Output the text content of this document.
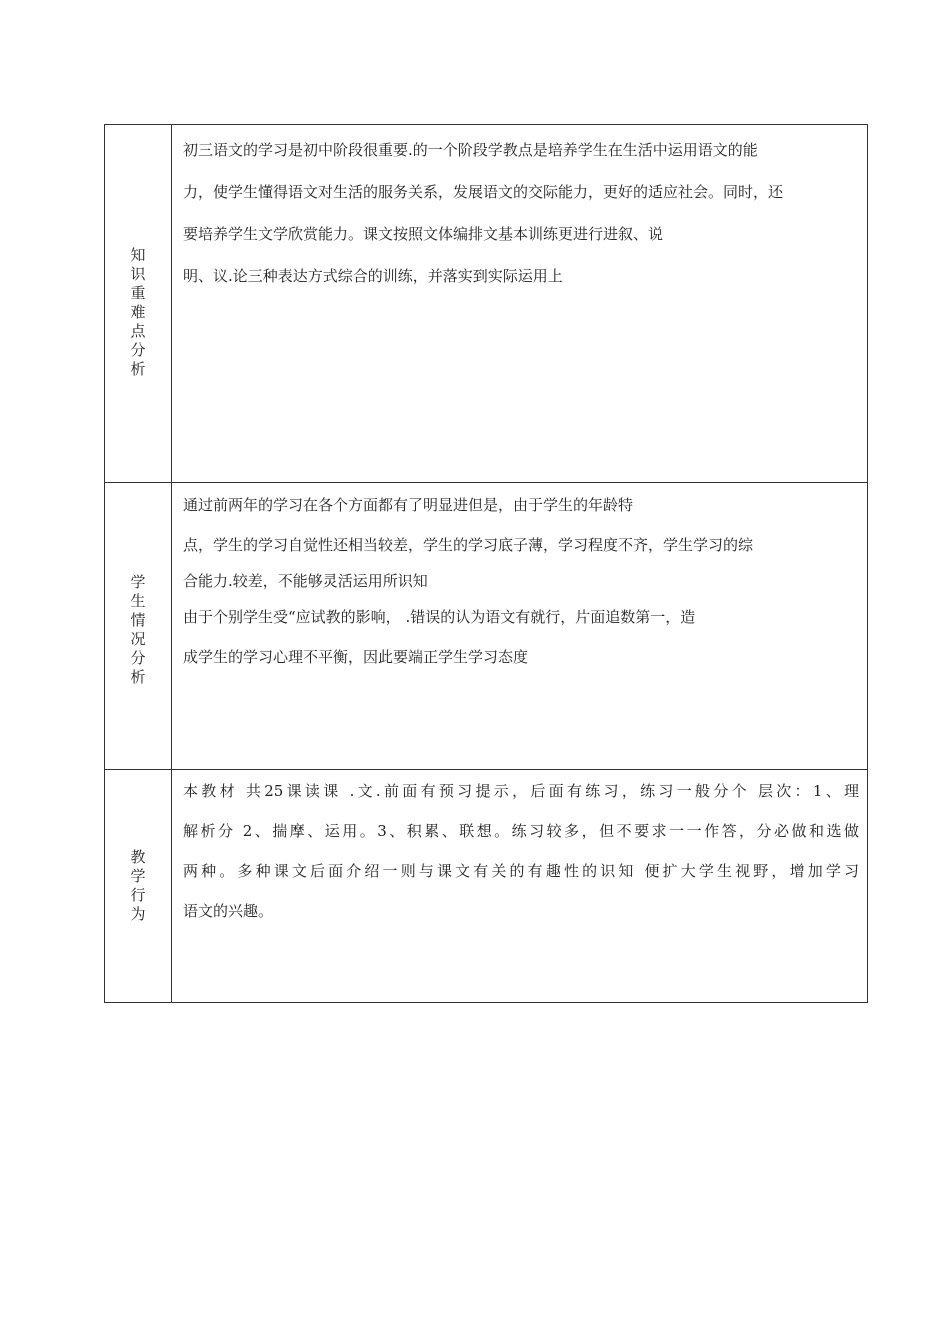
知识重难点分析	初三语文的学习是初中阶段很重要.的一个阶段学教点是培养学生在生活中运用语文的能

力，使学生懂得语文对生活的服务关系，发展语文的交际能力，更好的适应社会。同时，还

要培养学生文学欣赏能力。课文按照文体编排文基本训练更进行进叙、说

明、议.论三种表达方式综合的训练，并落实到实际运用上

学生情况分析	通过前两年的学习在各个方面都有了明显进但是，由于学生的年龄特

点，学生的学习自觉性还相当较差，学生的学习底子薄，学习程度不齐，学生学习的综

合能力.较差，不能够灵活运用所识知

由于个别学生受“应试教的影响， .错误的认为语文有就行，片面追数第一，造

成学生的学习心理不平衡，因此要端正学生学习态度

教学行为	本教材 共25课读课 .文.前面有预习提示，后面有练习，练习一般分个 层次：1、理

解析分 2、揣摩、运用。3、积累、联想。练习较多，但不要求一一作答，分必做和选做

两种。多种课文后面介绍一则与课文有关的有趣性的识知 便扩大学生视野，增加学习

语文的兴趣。
